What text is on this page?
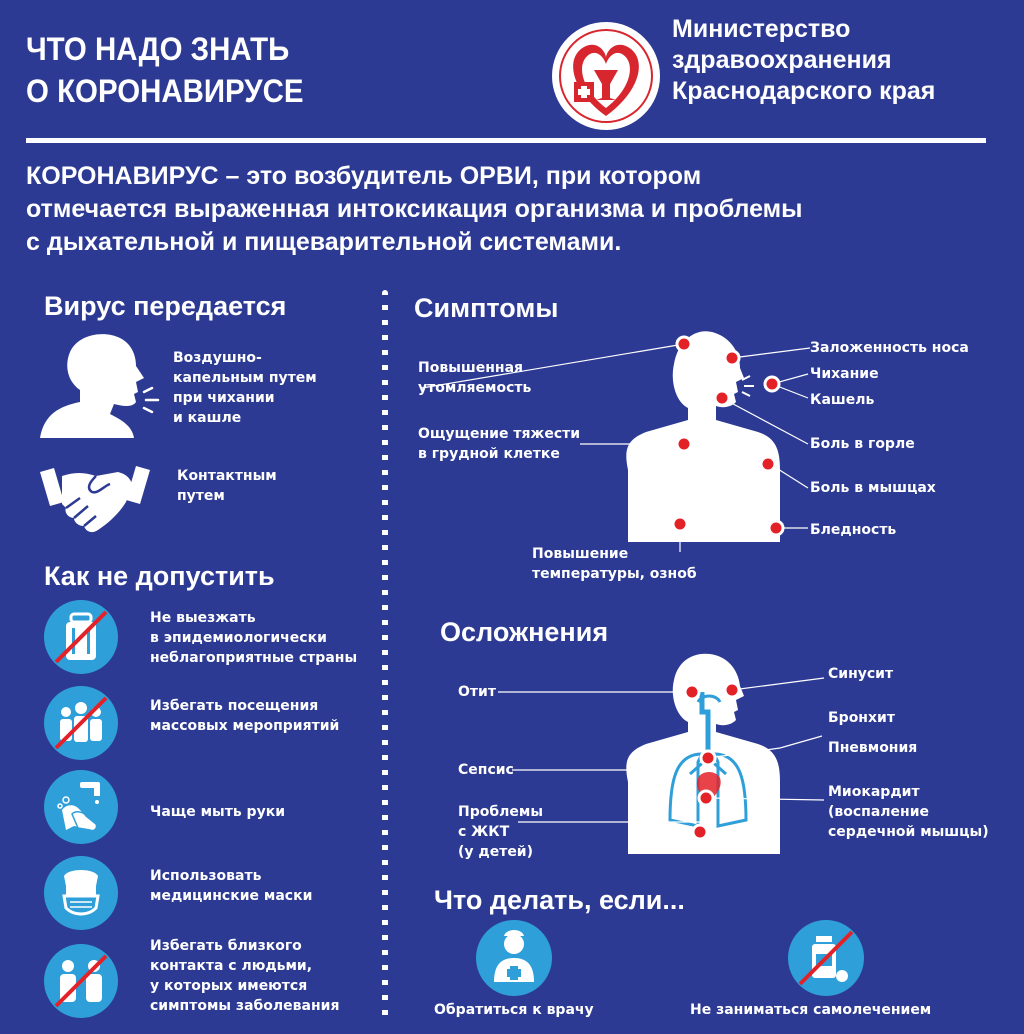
ЧТО НАДО ЗНАТЬ
О КОРОНАВИРУСЕ
Министерство
здравоохранения
Краснодарского края
КОРОНАВИРУС – это возбудитель ОРВИ, при котором
отмечается выраженная интоксикация организма и проблемы
с дыхательной и пищеварительной системами.
Вирус передается
Воздушно-
капельным путем
при чихании
и кашле
Контактным
путем
Как не допустить
Не выезжать
в эпидемиологически
неблагоприятные страны
Избегать посещения
массовых мероприятий
Чаще мыть руки
Использовать
медицинские маски
Избегать близкого
контакта с людьми,
у которых имеются
симптомы заболевания
Симптомы
Повышенная
утомляемость
Ощущение тяжести
в грудной клетке
Повышение
температуры, озноб
Заложенность носа
Чихание
Кашель
Боль в горле
Боль в мышцах
Бледность
Осложнения
Отит
Сепсис
Проблемы
с ЖКТ
(у детей)
Синусит
Бронхит
Пневмония
Миокардит
(воспаление
сердечной мышцы)
Что делать, если...
Обратиться к врачу	Не заниматься самолечением
